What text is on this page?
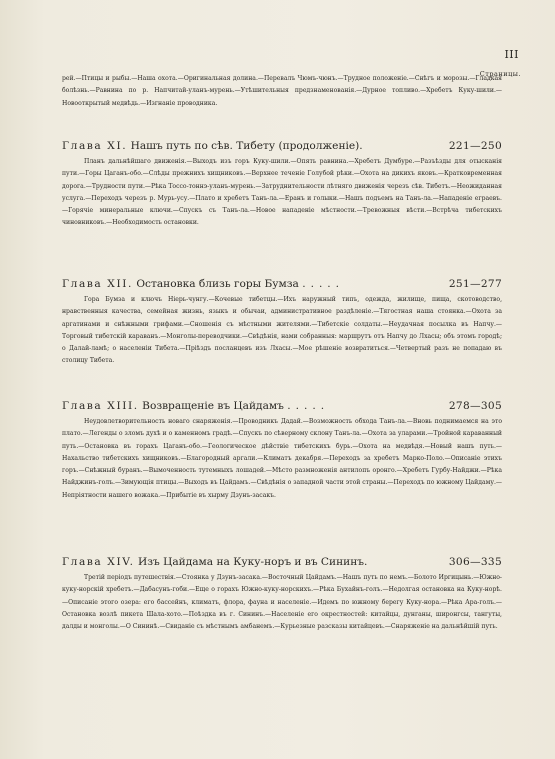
III
Страницы.
рей.—Птицы и рыбы.—Наша охота.—Оригинальная долина.—Перевалъ Чюмъ-чюнъ.—Трудное положеніе.—Снѣгъ и морозы.—Гладкая болѣзнь.—Равнина по р. Напчитай-уланъ-мурень.—Утѣшительныя предзнаменованія.—Дурное топливо.—Хребетъ Куку-шили.—Новооткрытый медвѣдь.—Изгнаніе проводника.
Глава XI. Нашъ путь по сѣв. Тибету (продолженіе).	221—250
Планъ дальнѣйшаго движенія.—Выходъ изъ горъ Куку-шили.—Опять равнина.—Хребетъ Думбуре.—Разъѣзды для отысканія пути.—Горы Цаганъ-обо.—Слѣды прежнихъ хищниковъ.—Верхнее теченіе Голубой рѣки.—Охота на дикихъ яковъ.—Кратковременная дорога.—Трудности пути.—Рѣка Тоссо-тоннэ-уланъ-мурень.—Затруднительности лѣтняго движенія черезъ сѣв. Тибетъ.—Неожиданная услуга.—Переходъ черезъ р. Мурь-усу.—Плато и хребетъ Танъ-ла.—Еранъ и голыки.—Нашъ подъемъ на Танъ-ла.—Нападеніе еграевъ.—Горячіе минеральные ключи.—Спускъ съ Танъ-ла.—Новое нападеніе мѣстности.—Тревожныя вѣсти.—Встрѣча тибетскихъ чиновниковъ.—Необходимость остановки.
Глава XII. Остановка близь горы Бумза .....	251—277
Гора Бумза и ключъ Нiерь-чунгу.—Кочевые тибетцы.—Ихъ наружный типъ, одежда, жилище, пища, скотоводство, нравственныя качества, семейная жизнь, языкъ и обычаи, административное раздѣленіе.—Тягостная наша стоянка.—Охота за аргатинами и снѣжными грифами.—Сношенія съ мѣстными жителями.—Тибетскіе солдаты.—Неудачная посылка въ Напчу.—Торговый тибетскій караванъ.—Монголы-переводчики.—Свѣдѣнія, нами собранныя: маршрутъ отъ Напчу до Лхасы; объ этомъ городѣ; о Далай-ламѣ; о населеніи Тибета.—Пріѣздъ посланцевъ изъ Лхасы.—Мое рѣшеніе возвратиться.—Четвертый разъ не попадаю въ столицу Тибета.
Глава XIII. Возвращеніе въ Цайдамъ .....	278—305
Неудовлетворительность новаго снаряженія.—Проводникъ Дадай.—Возможность обхода Танъ-ла.—Вновь поднимаемся на это плато.—Легенды о зломъ духѣ и о каменномъ градѣ.—Спускъ по сѣверному склону Танъ-ла.—Охота за уларами.—Тройной караванный путь.—Остановка въ горахъ Цаганъ-обо.—Геологическое дѣйствіе тибетскихъ бурь.—Охота на медвѣдя.—Новый нашъ путь.—Нахальство тибетскихъ хищниковъ.—Благородный аргали.—Климатъ декабря.—Переходъ за хребетъ Марко-Поло.—Описаніе этихъ горъ.—Снѣжный буранъ.—Вымоченность тутемныхъ лошадей.—Мѣсто размноженія антилопъ оронго.—Хребетъ Гурбу-Найджи.—Рѣка Найджинъ-голъ.—Зимующія птицы.—Выходъ въ Цайдамъ.—Свѣдѣнія о западной части этой страны.—Переходъ по южному Цайдаму.—Непріятности нашего вожака.—Прибытіе въ хырму Дзунъ-засакъ.
Глава XIV. Изъ Цайдама на Куку-норъ и въ Сининъ.	306—335
Третій періодъ путешествія.—Стоянка у Дзунъ-засака.—Восточный Цайдамъ.—Нашъ путь по немъ.—Болото Иргицынь.—Южно-куку-норскій хребетъ.—Дабасунъ-гоби.—Еще о горахъ Южно-куку-норскихъ.—Рѣка Бухайнъ-голъ.—Недолгая остановка на Куку-норѣ.—Описаніе этого озера: его бассейнъ, климатъ, флора, фауна и населеніе.—Идемъ по южному берегу Куку-нора.—Рѣка Ара-голъ.—Остановка возлѣ пикета Шала-хото.—Поѣздка въ г. Сининъ.—Населеніе его окрестностей: китайцы, дунганы, широнгсы, тангуты, далды и монголы.—О Сининѣ.—Свиданіе съ мѣстнымъ амбанемъ.—Курьезные разсказы китайцевъ.—Снаряженіе на дальнѣйшій путь.
